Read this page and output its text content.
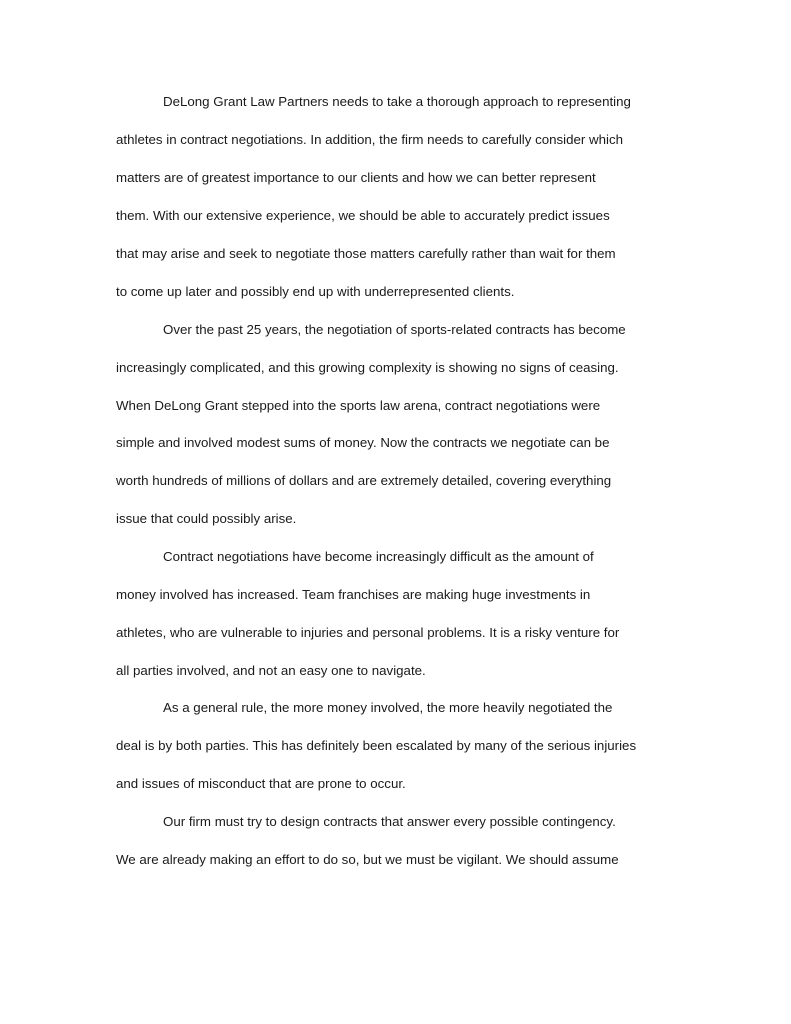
DeLong Grant Law Partners needs to take a thorough approach to representing
athletes in contract negotiations. In addition, the firm needs to carefully consider which
matters are of greatest importance to our clients and how we can better represent
them. With our extensive experience, we should be able to accurately predict issues
that may arise and seek to negotiate those matters carefully rather than wait for them
to come up later and possibly end up with underrepresented clients.
Over the past 25 years, the negotiation of sports-related contracts has become
increasingly complicated, and this growing complexity is showing no signs of ceasing.
When DeLong Grant stepped into the sports law arena, contract negotiations were
simple and involved modest sums of money. Now the contracts we negotiate can be
worth hundreds of millions of dollars and are extremely detailed, covering everything
issue that could possibly arise.
Contract negotiations have become increasingly difficult as the amount of
money involved has increased. Team franchises are making huge investments in
athletes, who are vulnerable to injuries and personal problems. It is a risky venture for
all parties involved, and not an easy one to navigate.
As a general rule, the more money involved, the more heavily negotiated the
deal is by both parties. This has definitely been escalated by many of the serious injuries
and issues of misconduct that are prone to occur.
Our firm must try to design contracts that answer every possible contingency.
We are already making an effort to do so, but we must be vigilant. We should assume
